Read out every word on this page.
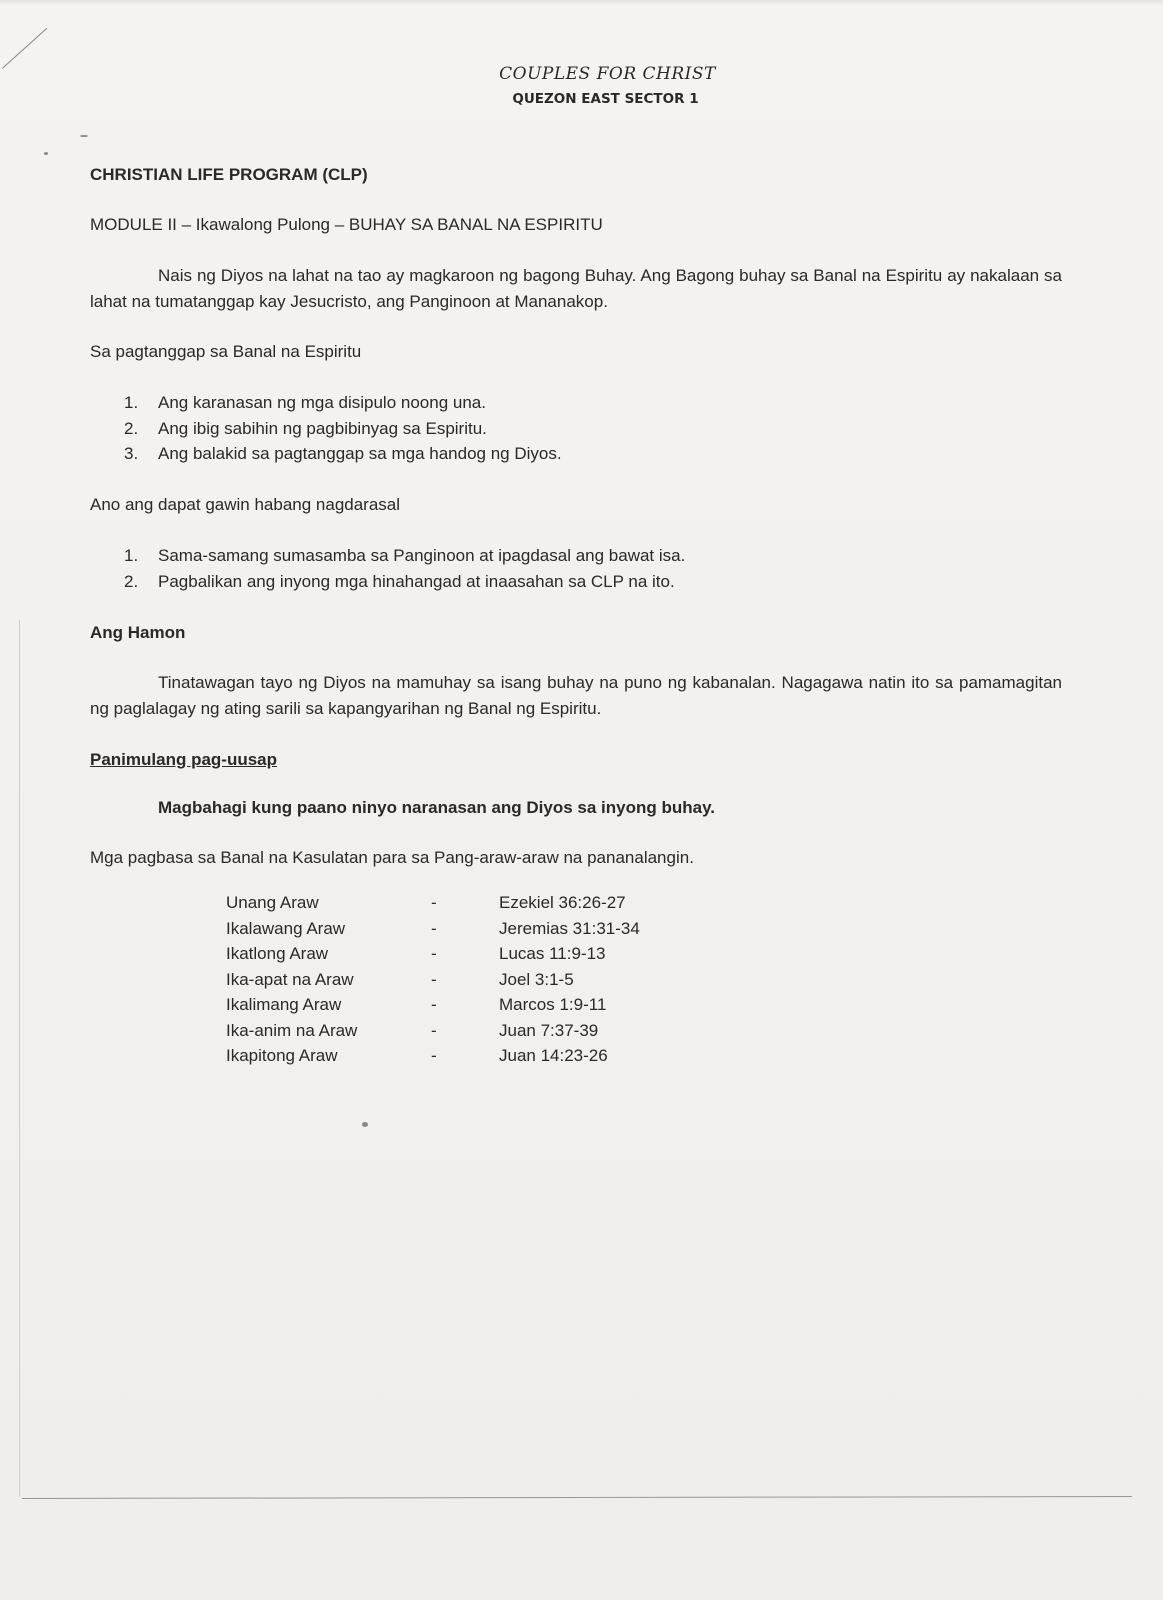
COUPLES FOR CHRIST
QUEZON EAST SECTOR 1
CHRISTIAN LIFE PROGRAM (CLP)
MODULE II – Ikawalong Pulong – BUHAY SA BANAL NA ESPIRITU
Nais ng Diyos na lahat na tao ay magkaroon ng bagong Buhay. Ang Bagong buhay sa Banal na Espiritu ay nakalaan sa lahat na tumatanggap kay Jesucristo, ang Panginoon at Mananakop.
Sa pagtanggap sa Banal na Espiritu
1.	Ang karanasan ng mga disipulo noong una.
2.	Ang ibig sabihin ng pagbibinyag sa Espiritu.
3.	Ang balakid sa pagtanggap sa mga handog ng Diyos.
Ano ang dapat gawin habang nagdarasal
1.	Sama-samang sumasamba sa Panginoon at ipagdasal ang bawat isa.
2.	Pagbalikan ang inyong mga hinahangad at inaasahan sa CLP na ito.
Ang Hamon
Tinatawagan tayo ng Diyos na mamuhay sa isang buhay na puno ng kabanalan. Nagagawa natin ito sa pamamagitan ng paglalagay ng ating sarili sa kapangyarihan ng Banal ng Espiritu.
Panimulang pag-uusap
Magbahagi kung paano ninyo naranasan ang Diyos sa inyong buhay.
Mga pagbasa sa Banal na Kasulatan para sa Pang-araw-araw na pananalangin.
Unang Araw	-	Ezekiel 36:26-27
Ikalawang Araw	-	Jeremias 31:31-34
Ikatlong Araw	-	Lucas 11:9-13
Ika-apat na Araw	-	Joel 3:1-5
Ikalimang Araw	-	Marcos 1:9-11
Ika-anim na Araw	-	Juan 7:37-39
Ikapitong Araw	-	Juan 14:23-26
